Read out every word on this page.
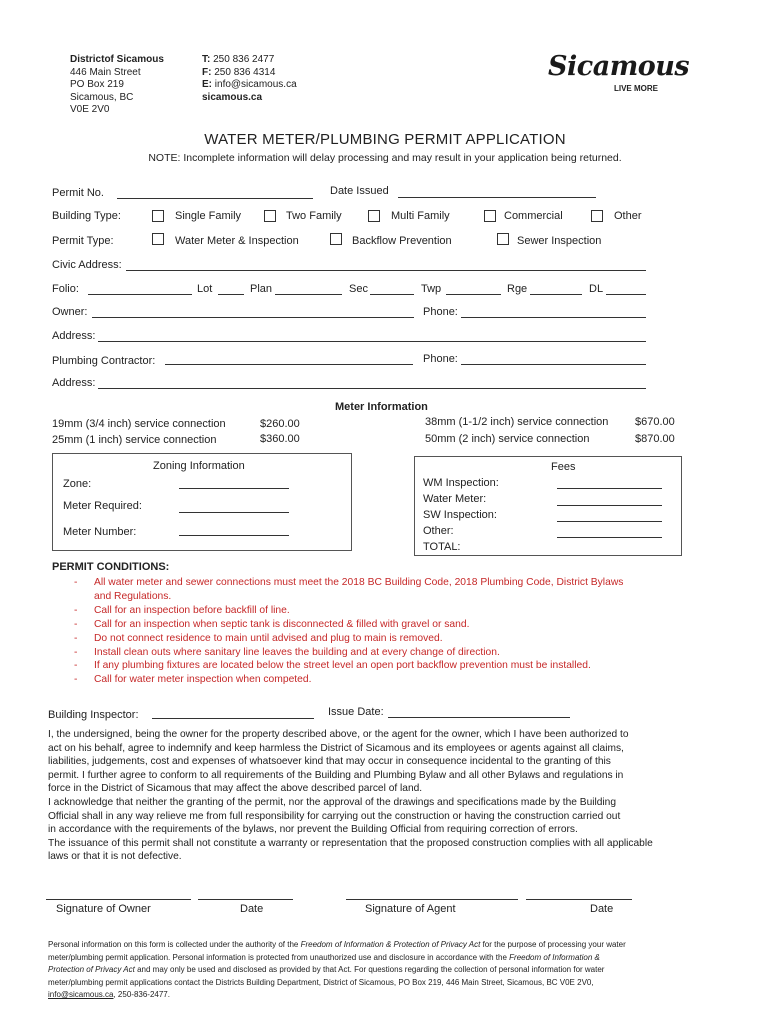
Districtof Sicamous
446 Main Street
PO Box 219
Sicamous, BC
V0E 2V0
T: 250 836 2477
F: 250 836 4314
E: info@sicamous.ca
sicamous.ca
Sicamous
LIVE MORE
WATER METER/PLUMBING PERMIT APPLICATION
NOTE: Incomplete information will delay processing and may result in your application being returned.
Permit No.	Date Issued
Building Type:	Single Family	Two Family	Multi Family	Commercial	Other
Permit Type:	Water Meter & Inspection	Backflow Prevention	Sewer Inspection
Civic Address:
Folio:	Lot	Plan	Sec	Twp	Rge	DL
Owner:	Phone:
Address:
Plumbing Contractor:	Phone:
Address:
Meter Information
19mm (3/4 inch) service connection	$260.00
25mm (1 inch) service connection	$360.00
38mm (1-1/2 inch) service connection $670.00
50mm (2 inch) service connection	$870.00
Zoning Information
Zone:
Meter Required:
Meter Number:
Fees
WM Inspection:
Water Meter:
SW Inspection:
Other:
TOTAL:
PERMIT CONDITIONS:
- All water meter and sewer connections must meet the 2018 BC Building Code, 2018 Plumbing Code, District Bylaws
and Regulations.
- Call for an inspection before backfill of line.
- Call for an inspection when septic tank is disconnected & filled with gravel or sand.
- Do not connect residence to main until advised and plug to main is removed.
- Install clean outs where sanitary line leaves the building and at every change of direction.
- If any plumbing fixtures are located below the street level an open port backflow prevention must be installed.
- Call for water meter inspection when competed.
Building Inspector:	Issue Date:
I, the undersigned, being the owner for the property described above, or the agent for the owner, which I have been authorized to
act on his behalf, agree to indemnify and keep harmless the District of Sicamous and its employees or agents against all claims,
liabilities, judgements, cost and expenses of whatsoever kind that may occur in consequence incidental to the granting of this
permit. I further agree to conform to all requirements of the Building and Plumbing Bylaw and all other Bylaws and regulations in
force in the District of Sicamous that may affect the above described parcel of land.
I acknowledge that neither the granting of the permit, nor the approval of the drawings and specifications made by the Building
Official shall in any way relieve me from full responsibility for carrying out the construction or having the construction carried out
in accordance with the requirements of the bylaws, nor prevent the Building Official from requiring correction of errors.
The issuance of this permit shall not constitute a warranty or representation that the proposed construction complies with all applicable
laws or that it is not defective.
Signature of Owner	Date	Signature of Agent	Date
Personal information on this form is collected under the authority of the Freedom of Information & Protection of Privacy Act for the purpose of processing your water
meter/plumbing permit application. Personal information is protected from unauthorized use and disclosure in accordance with the Freedom of Information &
Protection of Privacy Act and may only be used and disclosed as provided by that Act. For questions regarding the collection of personal information for water
meter/plumbing permit applications contact the Districts Building Department, District of Sicamous, PO Box 219, 446 Main Street, Sicamous, BC V0E 2V0,
info@sicamous.ca, 250-836-2477.
